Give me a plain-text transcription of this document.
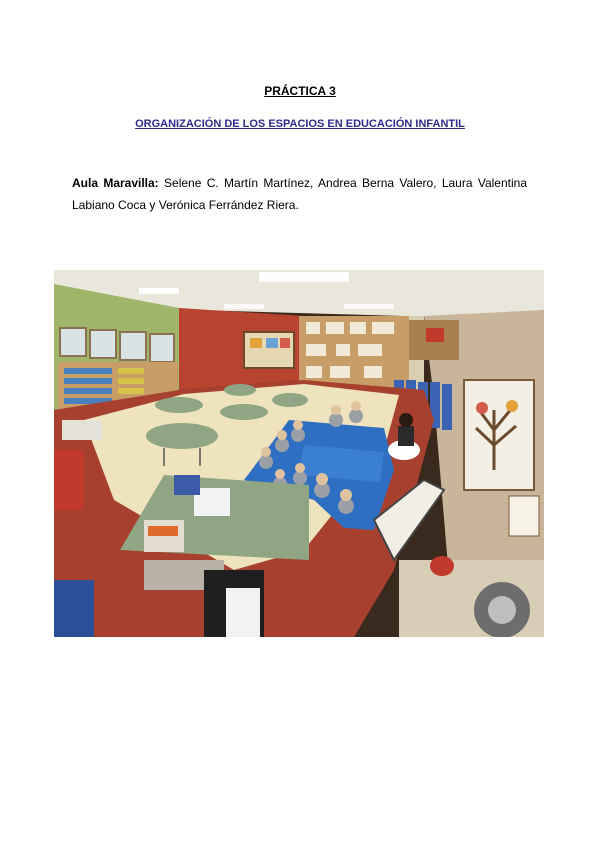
PRÁCTICA 3
ORGANIZACIÓN DE LOS ESPACIOS EN EDUCACIÓN INFANTIL
Aula Maravilla: Selene C. Martín Martínez, Andrea Berna Valero, Laura Valentina Labiano Coca y Verónica Ferrández Riera.
